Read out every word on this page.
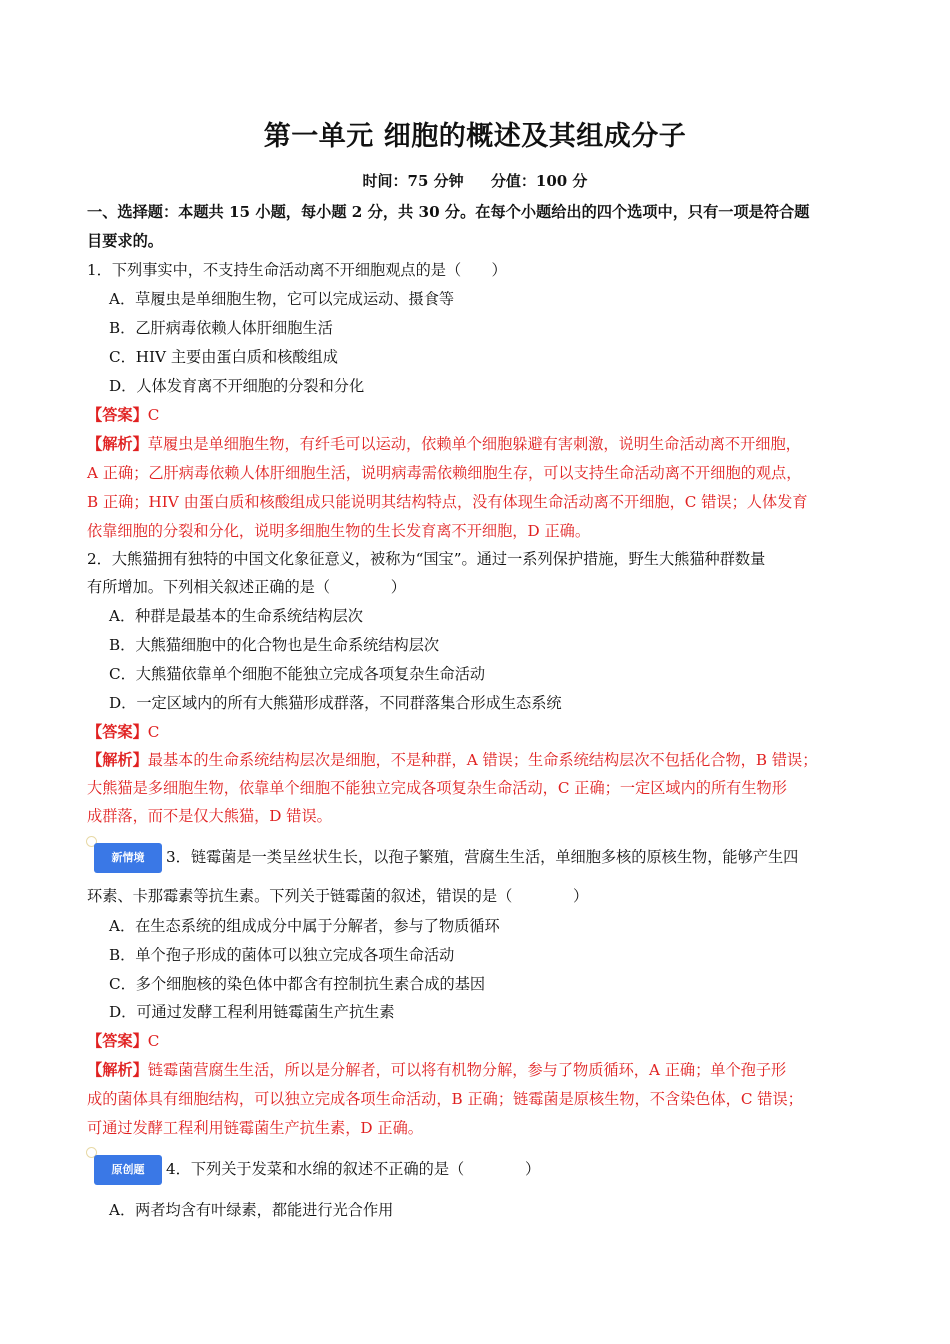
第一单元 细胞的概述及其组成分子
时间：75 分钟 分值：100 分
一、选择题：本题共 15 小题，每小题 2 分，共 30 分。在每个小题给出的四个选项中，只有一项是符合题
目要求的。
1．下列事实中，不支持生命活动离不开细胞观点的是（　　）
A．草履虫是单细胞生物，它可以完成运动、摄食等
B．乙肝病毒依赖人体肝细胞生活
C．HIV 主要由蛋白质和核酸组成
D．人体发育离不开细胞的分裂和分化
【答案】C
【解析】草履虫是单细胞生物，有纤毛可以运动，依赖单个细胞躲避有害刺激，说明生命活动离不开细胞，
A 正确；乙肝病毒依赖人体肝细胞生活，说明病毒需依赖细胞生存，可以支持生命活动离不开细胞的观点，
B 正确；HIV 由蛋白质和核酸组成只能说明其结构特点，没有体现生命活动离不开细胞，C 错误；人体发育
依靠细胞的分裂和分化，说明多细胞生物的生长发育离不开细胞，D 正确。
2．大熊猫拥有独特的中国文化象征意义，被称为“国宝”。通过一系列保护措施，野生大熊猫种群数量
有所增加。下列相关叙述正确的是（　　　　）
A．种群是最基本的生命系统结构层次
B．大熊猫细胞中的化合物也是生命系统结构层次
C．大熊猫依靠单个细胞不能独立完成各项复杂生命活动
D．一定区域内的所有大熊猫形成群落，不同群落集合形成生态系统
【答案】C
【解析】最基本的生命系统结构层次是细胞，不是种群，A 错误；生命系统结构层次不包括化合物，B 错误；
大熊猫是多细胞生物，依靠单个细胞不能独立完成各项复杂生命活动，C 正确；一定区域内的所有生物形
成群落，而不是仅大熊猫，D 错误。
新情境	3．链霉菌是一类呈丝状生长，以孢子繁殖，营腐生生活，单细胞多核的原核生物，能够产生四
环素、卡那霉素等抗生素。下列关于链霉菌的叙述，错误的是（　　　　）
A．在生态系统的组成成分中属于分解者，参与了物质循环
B．单个孢子形成的菌体可以独立完成各项生命活动
C．多个细胞核的染色体中都含有控制抗生素合成的基因
D．可通过发酵工程利用链霉菌生产抗生素
【答案】C
【解析】链霉菌营腐生生活，所以是分解者，可以将有机物分解，参与了物质循环，A 正确；单个孢子形
成的菌体具有细胞结构，可以独立完成各项生命活动，B 正确；链霉菌是原核生物，不含染色体，C 错误；
可通过发酵工程利用链霉菌生产抗生素，D 正确。
原创题	4．下列关于发菜和水绵的叙述不正确的是（　　　　）
A．两者均含有叶绿素，都能进行光合作用
